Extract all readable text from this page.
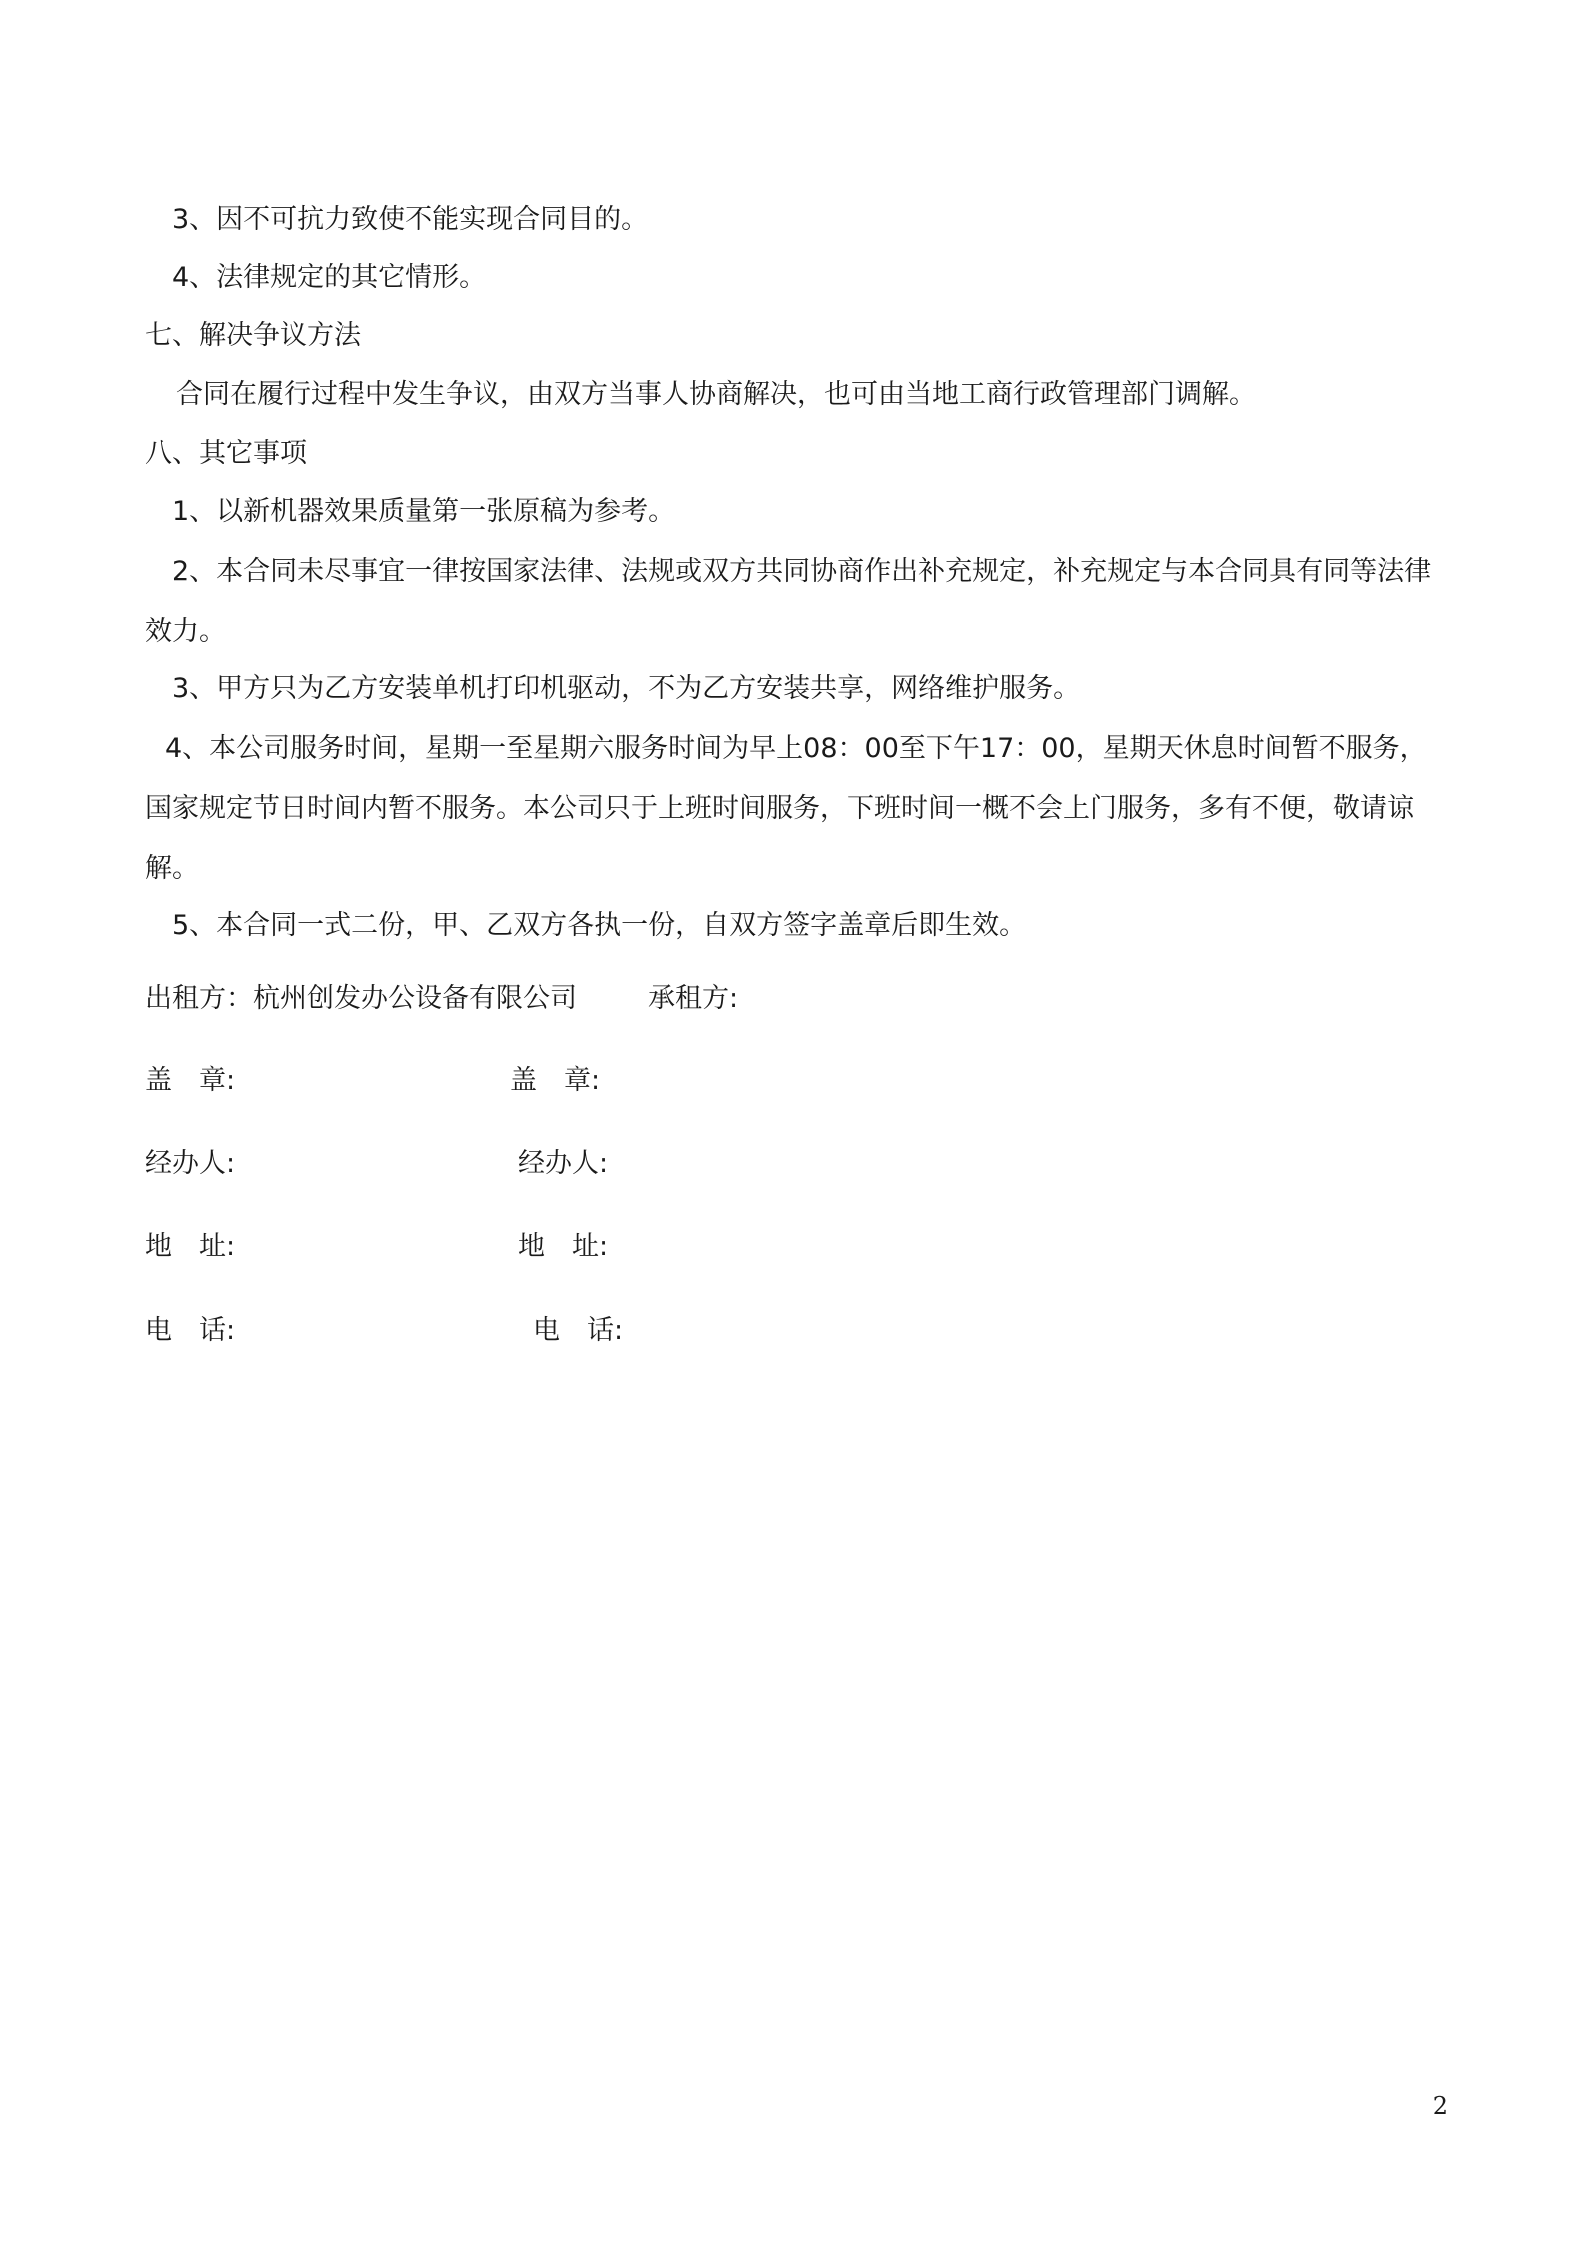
3、因不可抗力致使不能实现合同目的。
4、法律规定的其它情形。
七、解决争议方法
合同在履行过程中发生争议，由双方当事人协商解决，也可由当地工商行政管理部门调解。
八、其它事项
1、以新机器效果质量第一张原稿为参考。
2、本合同未尽事宜一律按国家法律、法规或双方共同协商作出补充规定，补充规定与本合同具有同等法律效力。
3、甲方只为乙方安装单机打印机驱动，不为乙方安装共享，网络维护服务。
4、本公司服务时间，星期一至星期六服务时间为早上08：00至下午17：00，星期天休息时间暂不服务，国家规定节日时间内暂不服务。本公司只于上班时间服务，下班时间一概不会上门服务，多有不便，敬请谅解。
5、本合同一式二份，甲、乙双方各执一份，自双方签字盖章后即生效。
出租方：杭州创发办公设备有限公司	承租方:
盖　章:	盖　章:
经办人:	经办人:
地　址:	地　址:
电　话:	电　话:
2
